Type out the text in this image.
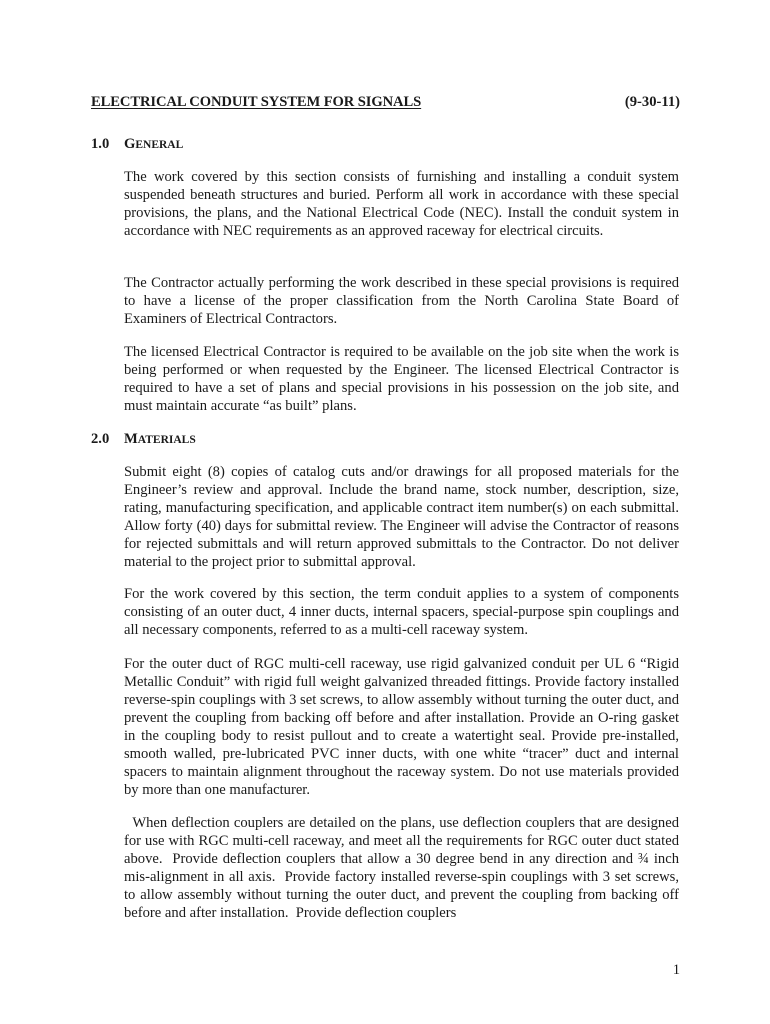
ELECTRICAL CONDUIT SYSTEM FOR SIGNALS	(9-30-11)
1.0 GENERAL

The work covered by this section consists of furnishing and installing a conduit system suspended beneath structures and buried. Perform all work in accordance with these special provisions, the plans, and the National Electrical Code (NEC). Install the conduit system in accordance with NEC requirements as an approved raceway for electrical circuits.

The Contractor actually performing the work described in these special provisions is required to have a license of the proper classification from the North Carolina State Board of Examiners of Electrical Contractors.

The licensed Electrical Contractor is required to be available on the job site when the work is being performed or when requested by the Engineer. The licensed Electrical Contractor is required to have a set of plans and special provisions in his possession on the job site, and must maintain accurate “as built” plans.

2.0 MATERIALS

Submit eight (8) copies of catalog cuts and/or drawings for all proposed materials for the Engineer’s review and approval. Include the brand name, stock number, description, size, rating, manufacturing specification, and applicable contract item number(s) on each submittal. Allow forty (40) days for submittal review. The Engineer will advise the Contractor of reasons for rejected submittals and will return approved submittals to the Contractor. Do not deliver material to the project prior to submittal approval.

For the work covered by this section, the term conduit applies to a system of components consisting of an outer duct, 4 inner ducts, internal spacers, special-purpose spin couplings and all necessary components, referred to as a multi-cell raceway system.

For the outer duct of RGC multi-cell raceway, use rigid galvanized conduit per UL 6 “Rigid Metallic Conduit” with rigid full weight galvanized threaded fittings. Provide factory installed reverse-spin couplings with 3 set screws, to allow assembly without turning the outer duct, and prevent the coupling from backing off before and after installation. Provide an O-ring gasket in the coupling body to resist pullout and to create a watertight seal. Provide pre-installed, smooth walled, pre-lubricated PVC inner ducts, with one white “tracer” duct and internal spacers to maintain alignment throughout the raceway system. Do not use materials provided by more than one manufacturer.

When deflection couplers are detailed on the plans, use deflection couplers that are designed for use with RGC multi-cell raceway, and meet all the requirements for RGC outer duct stated above.  Provide deflection couplers that allow a 30 degree bend in any direction and ¾ inch mis-alignment in all axis.  Provide factory installed reverse-spin couplings with 3 set screws, to allow assembly without turning the outer duct, and prevent the coupling from backing off before and after installation.  Provide deflection couplers

1
